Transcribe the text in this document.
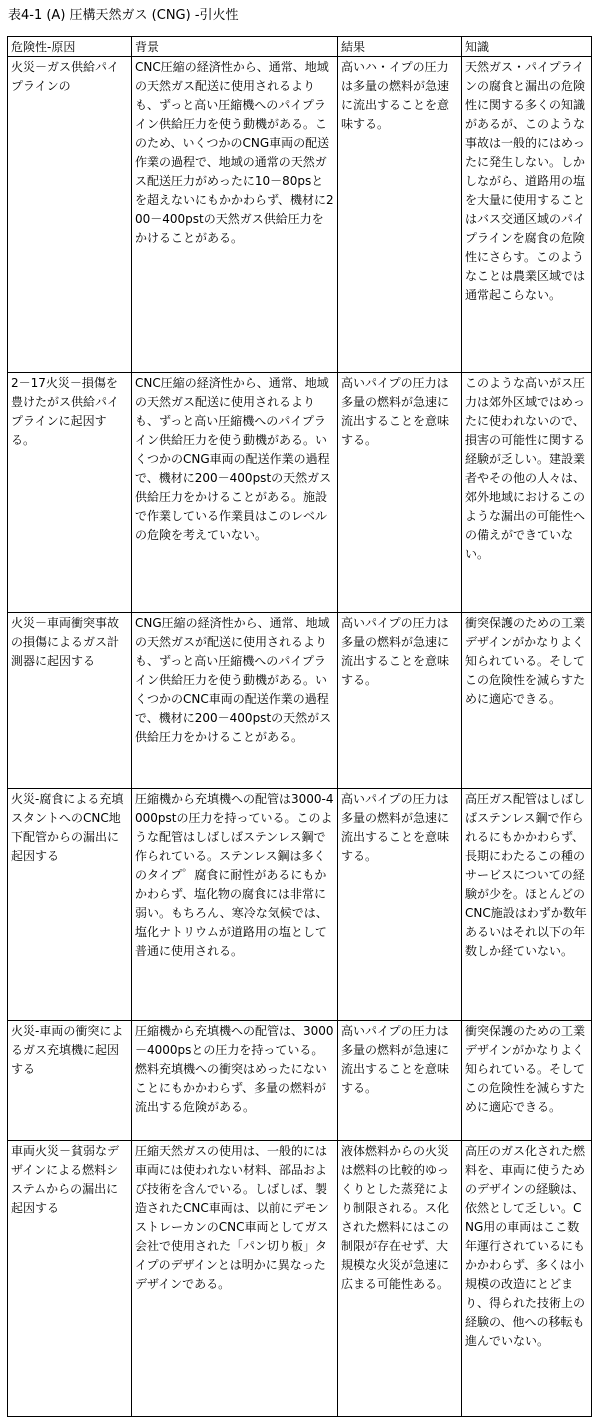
表4-1 (A) 圧構天然ガス (CNG) -引火性
危険性-原因	背景	結果	知識
火災－ガス供給パイプラインの	CNC圧縮の経済性から、通常、地域の天然ガス配送に使用されるよりも、ずっと高い圧縮機へのパイプライン供給圧力を使う動機がある。このため、いくつかのCNG車両の配送作業の過程で、地域の通常の天然ガス配送圧力がめったに10－80psとを超えないにもかかわらず、機材に200－400pstの天然ガス供給圧力をかけることがある。	高いハ・イプの圧力は多量の燃料が急速に流出することを意味する。	天然ガス・パイプラインの腐食と漏出の危険性に関する多くの知識があるが、このような事故は一般的にはめったに発生しない。しかしながら、道路用の塩を大量に使用することはバス交通区域のパイプラインを腐食の危険性にさらす。このようなことは農業区域では通常起こらない。
2－17火災－損傷を豊けたがス供給パイプラインに起因する。	CNC圧縮の経済性から、通常、地域の天然ガス配送に使用されるよりも、ずっと高い圧縮機へのパイプライン供給圧力を使う動機がある。いくつかのCNG車両の配送作業の過程で、機材に200－400pstの天然ガス供給圧力をかけることがある。施設で作業している作業員はこのレベルの危険を考えていない。	高いパイプの圧力は多量の燃料が急速に流出することを意味する。	このような高いがス圧力は郊外区域ではめったに使われないので、損害の可能性に関する経験が乏しい。建設業者やその他の人々は、郊外地域におけるこのような漏出の可能性への備えができていない。
火災－車両衝突事故の損傷によるガス計測器に起因する	CNG圧縮の経済性から、通常、地域の天然ガスが配送に使用されるよりも、ずっと高い圧縮機へのパイプライン供給圧力を使う動機がある。いくつかのCNC車両の配送作業の過程で、機材に200－400pstの天然がス供給圧力をかけることがある。	高いパイプの圧力は多量の燃料が急速に流出することを意味する。	衝突保護のための工業デザインがかなりよく知られている。そしてこの危険性を減らすために適応できる。
火災-腐食による充填スタントへのCNC地下配管からの漏出に起因する	圧縮機から充填機への配管は3000-4000pstの圧力を持っている。このような配管はしばしばステンレス鋼で作られている。ステンレス鋼は多くのタイプ゜腐食に耐性があるにもかかわらず、塩化物の腐食には非常に弱い。もちろん、寒冷な気候では、塩化ナトリウムが道路用の塩として普通に使用される。	高いパイプの圧力は多量の燃料が急速に流出することを意味する。	高圧ガス配管はしばしばステンレス鋼で作られるにもかかわらず、長期にわたるこの種のサービスについての経験が少を。ほとんどのCNC施設はわずか数年あるいはそれ以下の年数しか経ていない。
火災-車両の衝突によるガス充填機に起因する	圧縮機から充填機への配管は、3000－4000psとの圧力を持っている。燃料充填機への衝突はめったにないことにもかかわらず、多量の燃料が流出する危険がある。	高いパイプの圧力は多量の燃料が急速に流出することを意味する。	衝突保護のための工業デザインがかなりよく知られている。そしてこの危険性を減らすために適応できる。
車両火災－貧弱なデザインによる燃料システムからの漏出に起因する	圧縮天然ガスの使用は、一般的には車両には使われない材料、部品および技術を含んでいる。しばしば、製造されたCNC車両は、以前にデモンストレーカンのCNC車両としてガス会社で使用された「パン切り板」タイプのデザインとは明かに異なったデザインである。	液体燃料からの火災は燃料の比較的ゆっくりとした蒸発により制限される。ス化された燃料にはこの制限が存在せず、大規模な火災が急速に広まる可能性ある。	高圧のガス化された燃料を、車両に使うためのデザインの経験は、依然として乏しい。CNG用の車両はここ数年運行されているにもかかわらず、多くは小規模の改造にとどまり、得られた技術上の経験の、他への移転も進んでいない。
